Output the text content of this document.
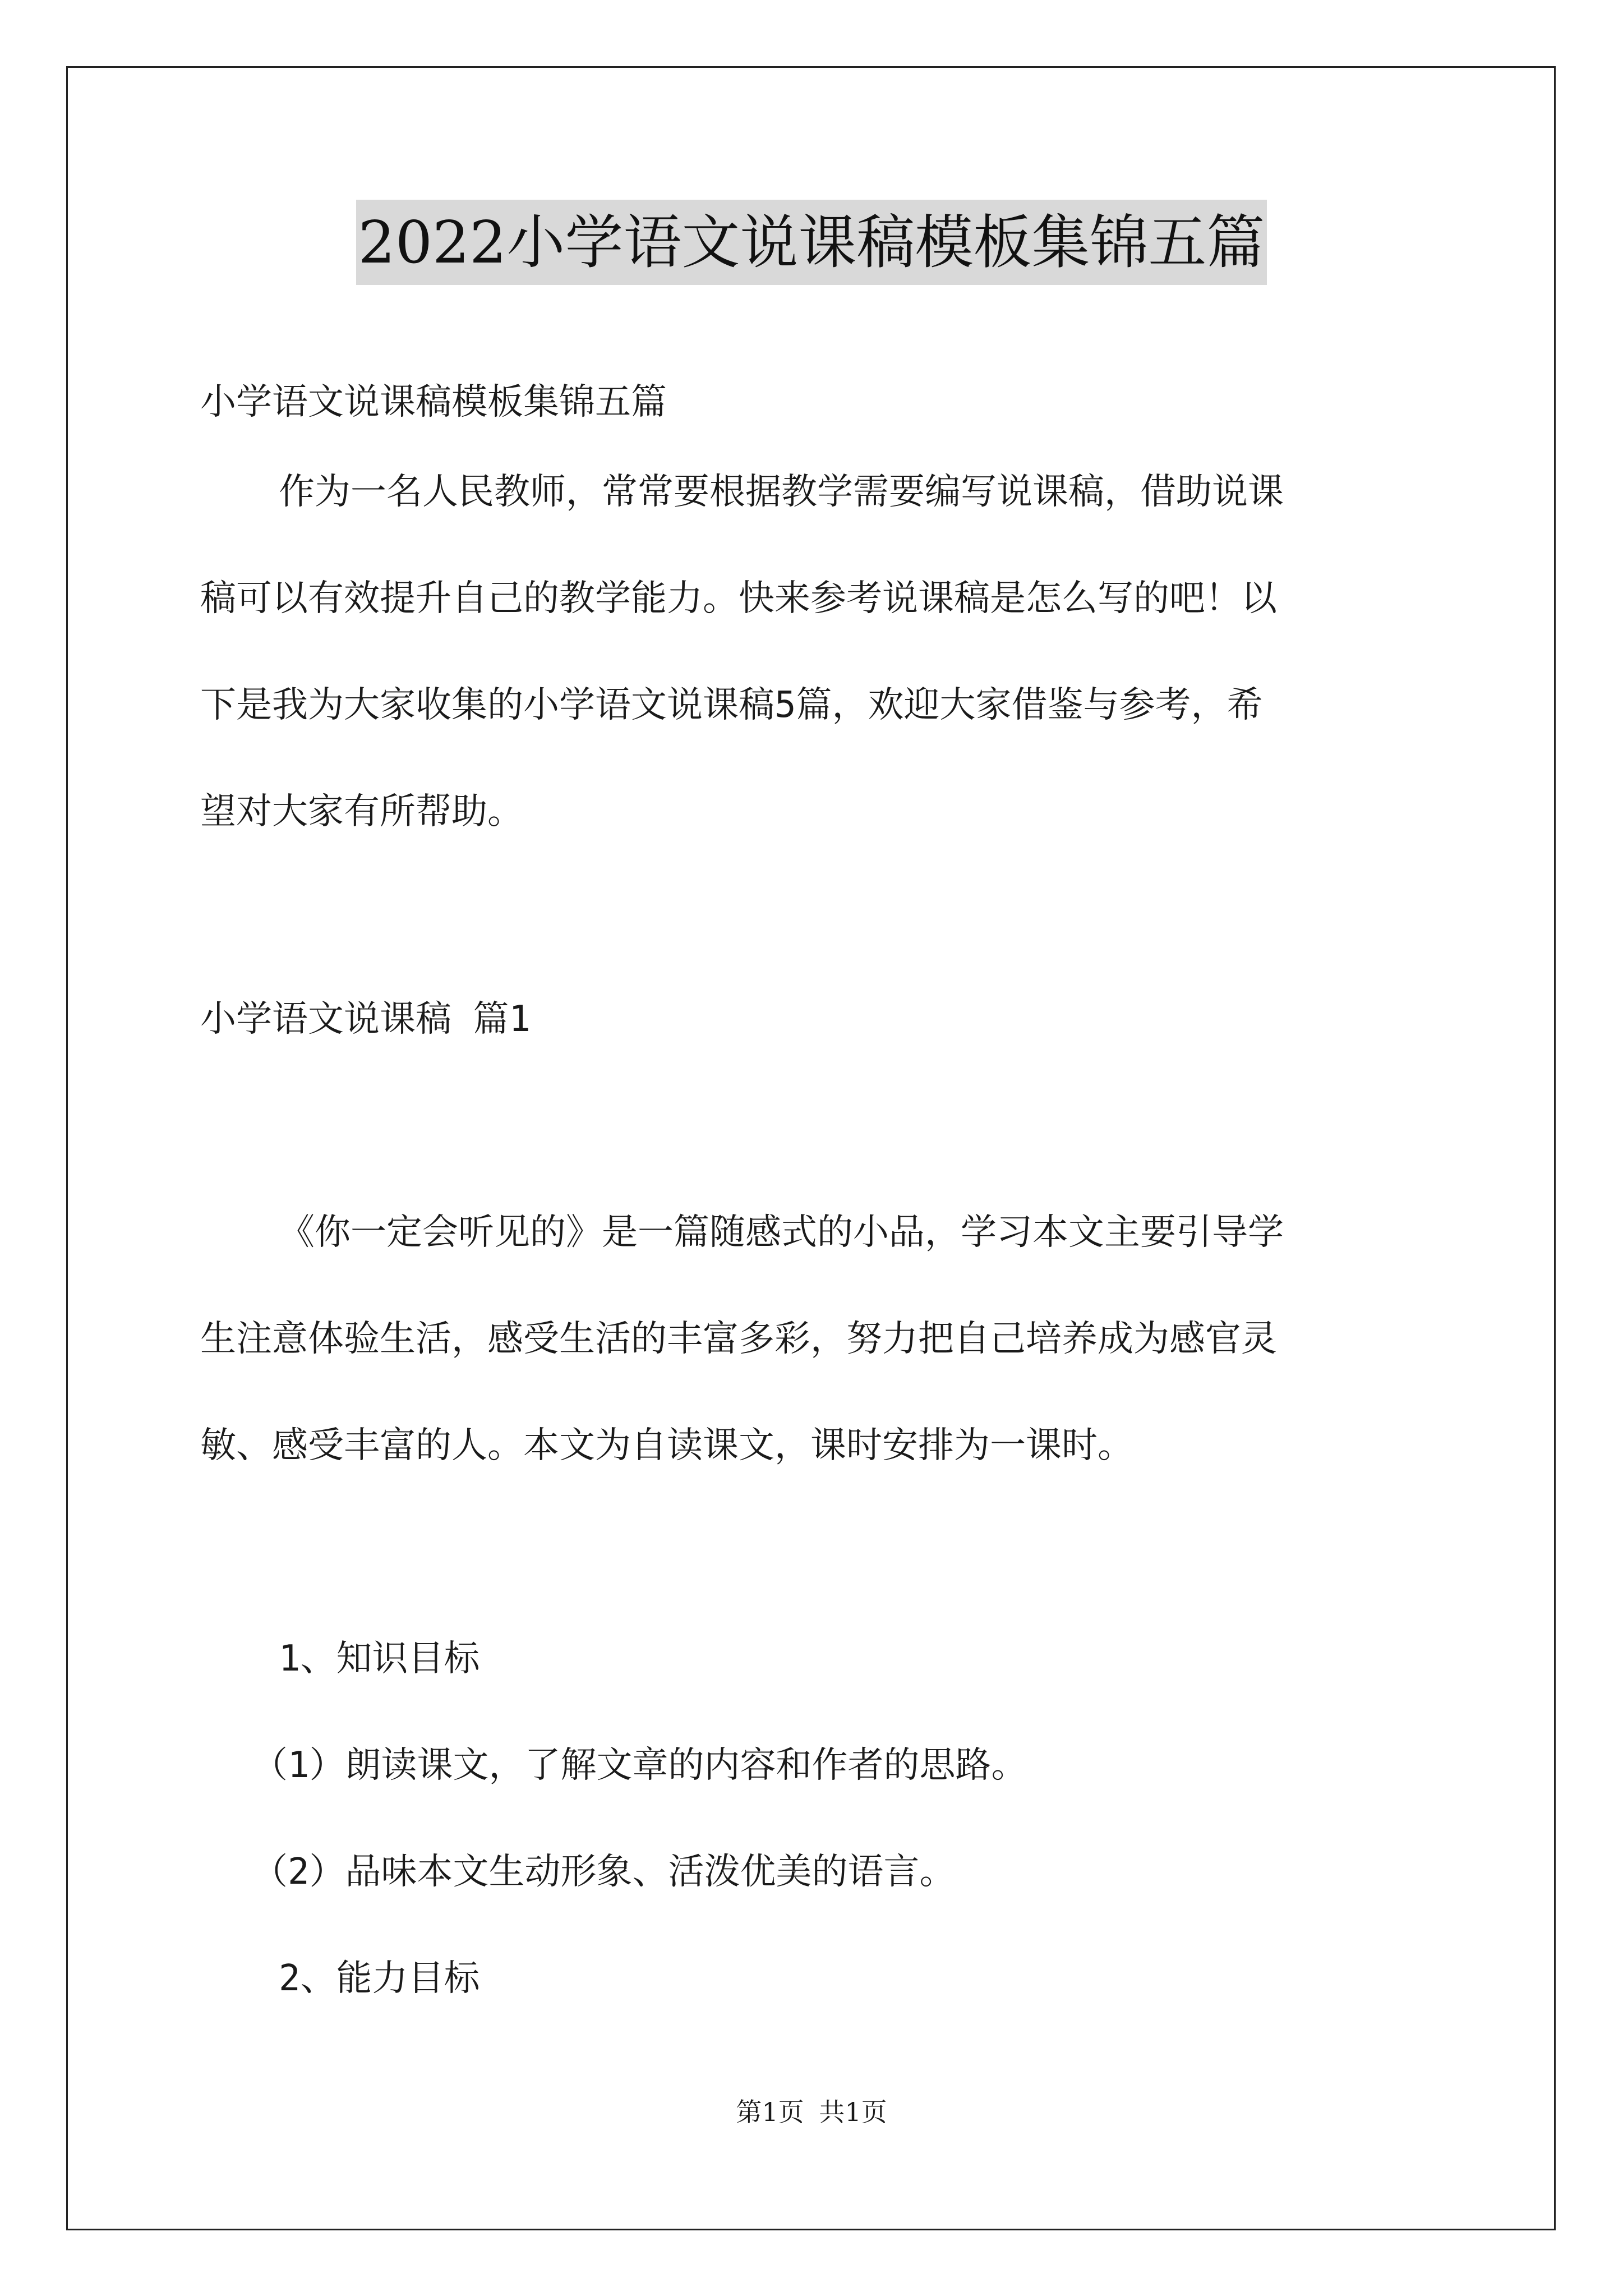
2022小学语文说课稿模板集锦五篇

小学语文说课稿模板集锦五篇

作为一名人民教师，常常要根据教学需要编写说课稿，借助说课

稿可以有效提升自己的教学能力。快来参考说课稿是怎么写的吧！以

下是我为大家收集的小学语文说课稿5篇，欢迎大家借鉴与参考，希

望对大家有所帮助。

小学语文说课稿 篇1

《你一定会听见的》是一篇随感式的小品，学习本文主要引导学

生注意体验生活，感受生活的丰富多彩，努力把自己培养成为感官灵

敏、感受丰富的人。本文为自读课文，课时安排为一课时。

1、知识目标

（1）朗读课文，了解文章的内容和作者的思路。

（2）品味本文生动形象、活泼优美的语言。

2、能力目标

第1页 共1页
